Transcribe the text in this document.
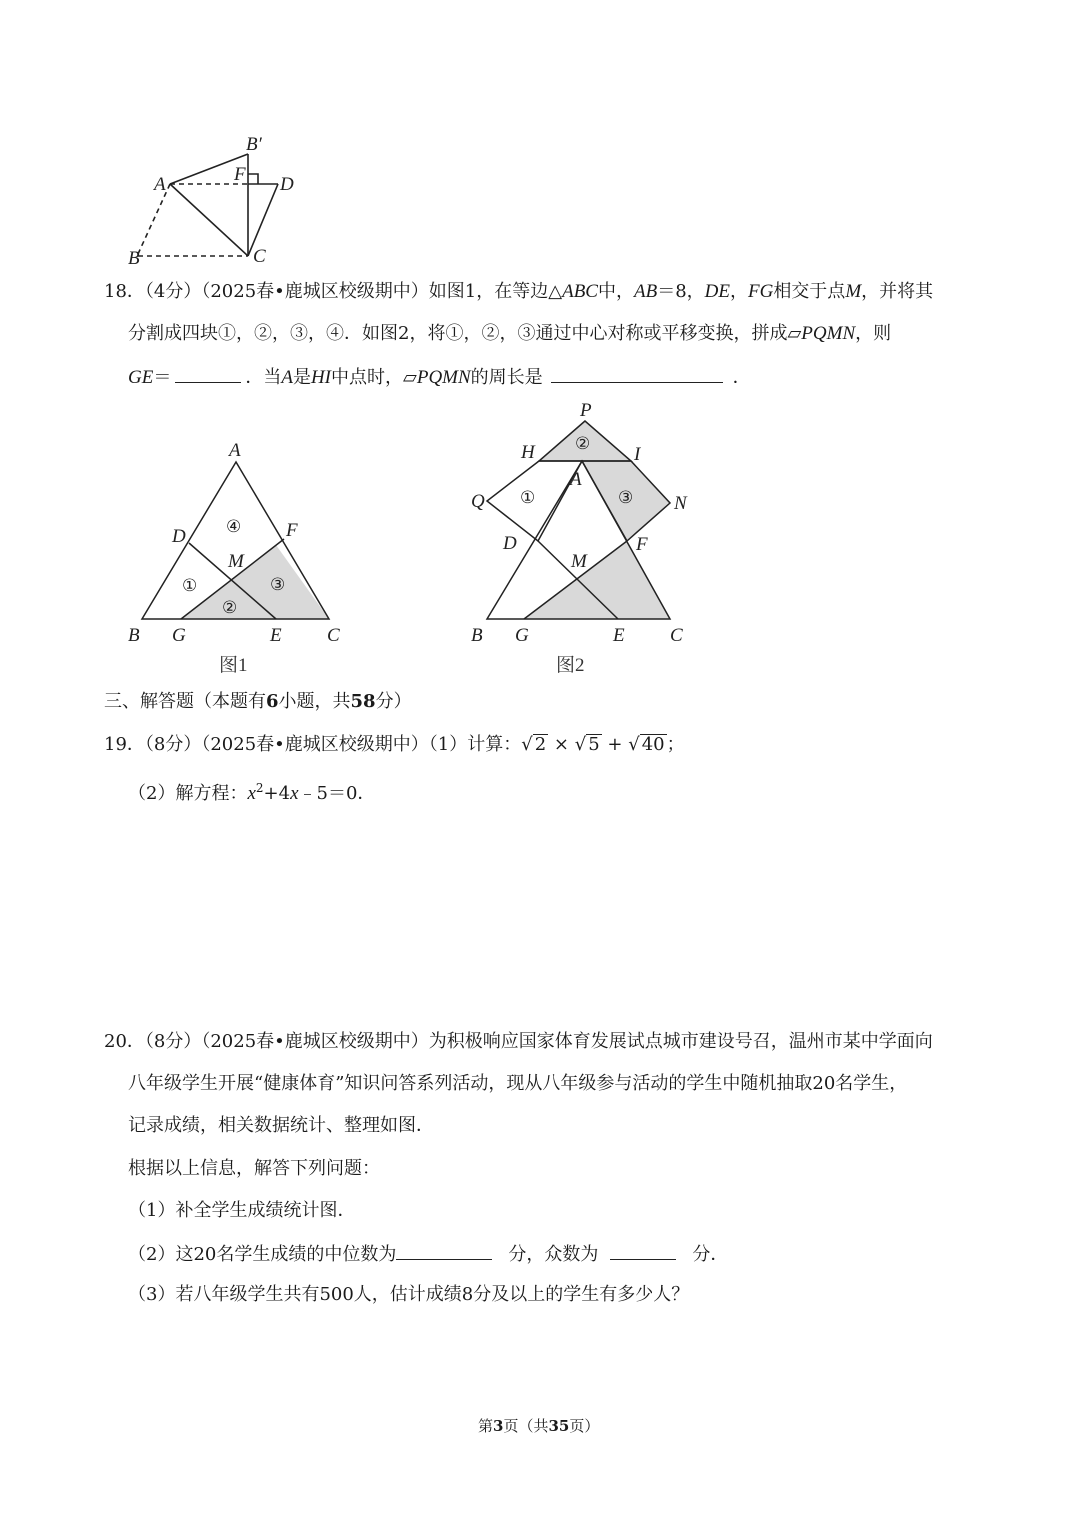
B′
A	F D
B	C
18．（4分）（2025春•鹿城区校级期中）如图1，在等边△ABC中，AB＝8，DE，FG相交于点M，并将其
分割成四块①，②，③，④．如图2，将①，②，③通过中心对称或平移变换，拼成▱PQMN，则
GE＝	．当A是HI中点时，▱PQMN的周长是	．
A
D	F
M
B G	E C
④
①
②
③
图1
P
H	I
A
Q	N
D	F
M
B G	E C
②
①	③
图2
三、解答题（本题有6小题，共58分）
19．（8分）（2025春•鹿城区校级期中）（1）计算：√ 2 × √ 5 + √ 40 ；
（2）解方程：$x^2+4x﹣5=0$．
20．（8分）（2025春•鹿城区校级期中）为积极响应国家体育发展试点城市建设号召，温州市某中学面向
八年级学生开展“健康体育”知识问答系列活动，现从八年级参与活动的学生中随机抽取20名学生，
记录成绩，相关数据统计、整理如图．
根据以上信息，解答下列问题：
（1）补全学生成绩统计图．
（2）这20名学生成绩的中位数为	分，众数为	分．
（3）若八年级学生共有500人，估计成绩8分及以上的学生有多少人？
第3页（共35页）
